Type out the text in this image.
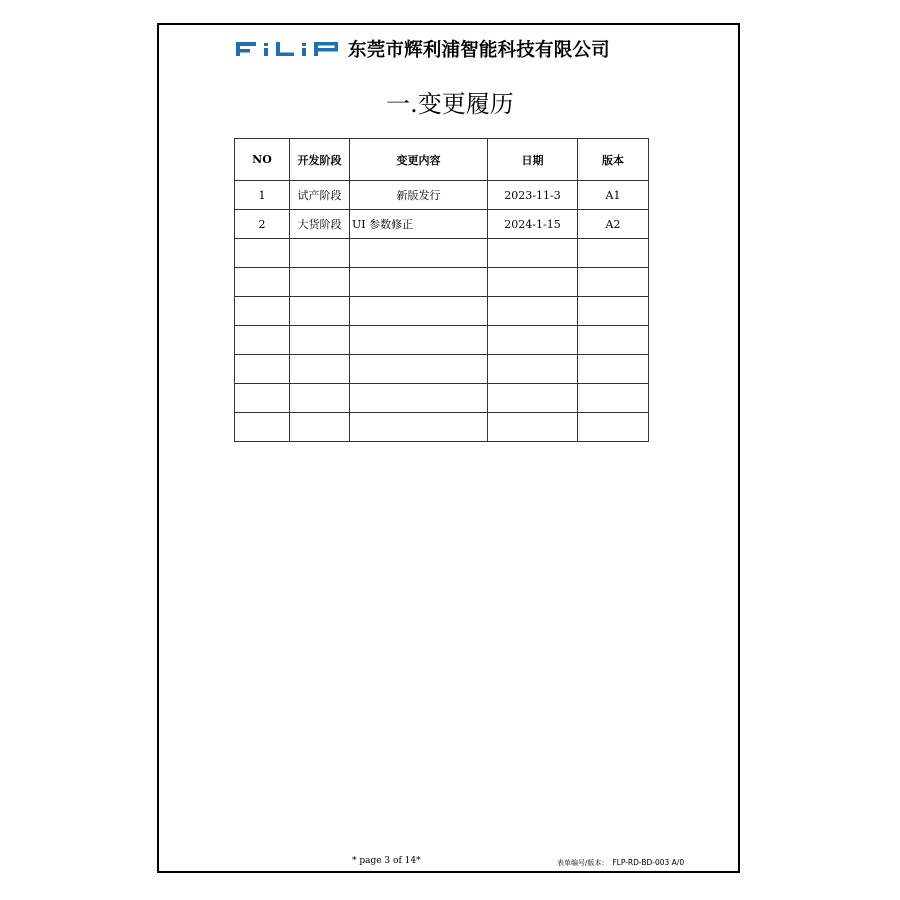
东莞市辉利浦智能科技有限公司
一.变更履历
NO	开发阶段	变更内容	日期	版本
1	试产阶段	新版发行	2023-11-3	A1
2	大货阶段	UI 参数修正	2024-1-15	A2

* page 3 of 14*	表单编号/版本： FLP-RD-BD-003 A/0
